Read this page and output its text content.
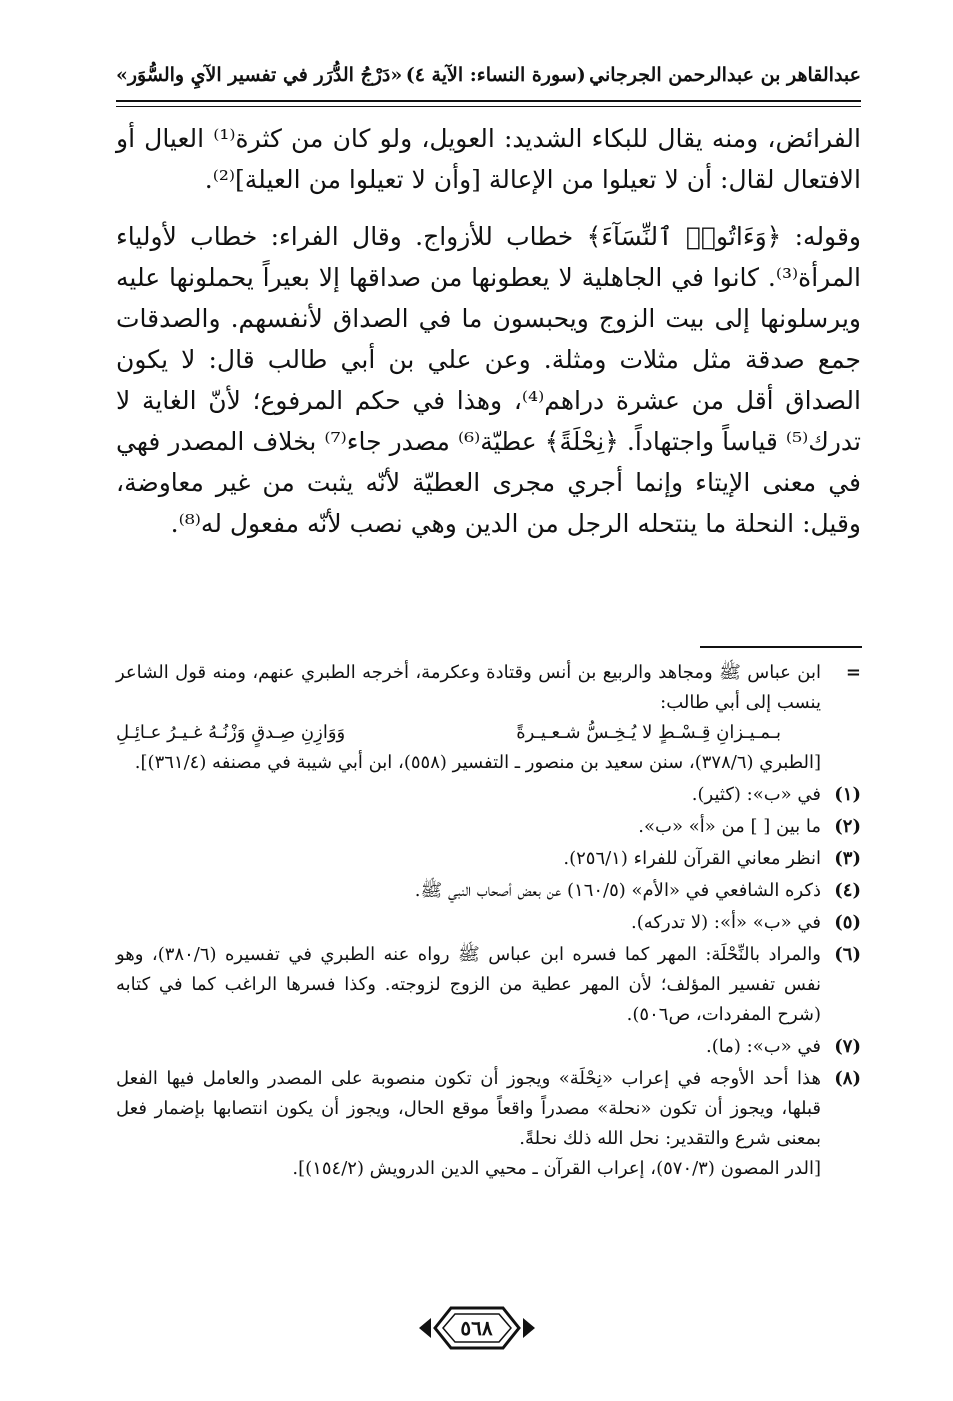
عبدالقاهر بن عبدالرحمن الجرجاني
(سورة النساء: الآية ٤)
«دَرْجُ الدُّرَر في تفسير الآيِ والسُّوَر»

الفرائض، ومنه يقال للبكاء الشديد: العويل، ولو كان من كثرة⁽¹⁾ العيال أو الافتعال لقال: أن لا تعيلوا من الإعالة [وأن لا تعيلوا من العيلة]⁽²⁾.

وقوله: ﴿وَءَاتُوا۟ ٱلنِّسَآءَ﴾ خطاب للأزواج. وقال الفراء: خطاب لأولياء المرأة⁽³⁾. كانوا في الجاهلية لا يعطونها من صداقها إلا بعيراً يحملونها عليه ويرسلونها إلى بيت الزوج ويحبسون ما في الصداق لأنفسهم. والصدقات جمع صدقة مثل مثلات ومثلة. وعن علي بن أبي طالب قال: لا يكون الصداق أقل من عشرة دراهم⁽⁴⁾، وهذا في حكم المرفوع؛ لأنّ الغاية لا تدرك⁽⁵⁾ قياساً واجتهاداً. ﴿نِحْلَةً﴾ عطيّة⁽⁶⁾ مصدر جاء⁽⁷⁾ بخلاف المصدر فهي في معنى الإيتاء وإنما أجري مجرى العطيّة لأنّه يثبت من غير معاوضة، وقيل: النحلة ما ينتحله الرجل من الدين وهي نصب لأنّه مفعول له⁽⁸⁾.

=
ابن عباس ﷺ ومجاهد والربيع بن أنس وقتادة وعكرمة، أخرجه الطبري عنهم، ومنه قول الشاعر ينسب إلى أبي طالب:
بـمـيـزانِ قِـسْـطٍ لا يُـخِـسُّ شـعـيـرةً
وَوَازِنِ صِـدقٍ وَزْنُـهُ غـيـرُ عـائِـلِ
[الطبري (٣٧٨/٦)، سنن سعيد بن منصور ـ التفسير (٥٥٨)، ابن أبي شيبة في مصنفه (٣٦١/٤)].
(١)
في «ب»: (كثير).
(٢)
ما بين [ ] من «أ» «ب».
(٣)
انظر معاني القرآن للفراء (٢٥٦/١).
(٤)
ذكره الشافعي في «الأم» (١٦٠/٥) عن بعض أصحاب النبي ﷺ.
(٥)
في «ب» «أ»: (لا تدركه).
(٦)
والمراد بالنِّحْلَة: المهر كما فسره ابن عباس ﷺ رواه عنه الطبري في تفسيره (٣٨٠/٦)، وهو نفس تفسير المؤلف؛ لأن المهر عطية من الزوج لزوجته. وكذا فسرها الراغب كما في كتابه (شرح المفردات، ص٥٠٦).
(٧)
في «ب»: (ما).
(٨)
هذا أحد الأوجه في إعراب «نِحْلَة» ويجوز أن تكون منصوبة على المصدر والعامل فيها الفعل قبلها، ويجوز أن تكون «نحلة» مصدراً واقعاً موقع الحال، ويجوز أن يكون انتصابها بإضمار فعل بمعنى شرع والتقدير: نحل الله ذلك نحلةً.
[الدر المصون (٥٧٠/٣)، إعراب القرآن ـ محيي الدين الدرويش (١٥٤/٢)].
٥٦٨
